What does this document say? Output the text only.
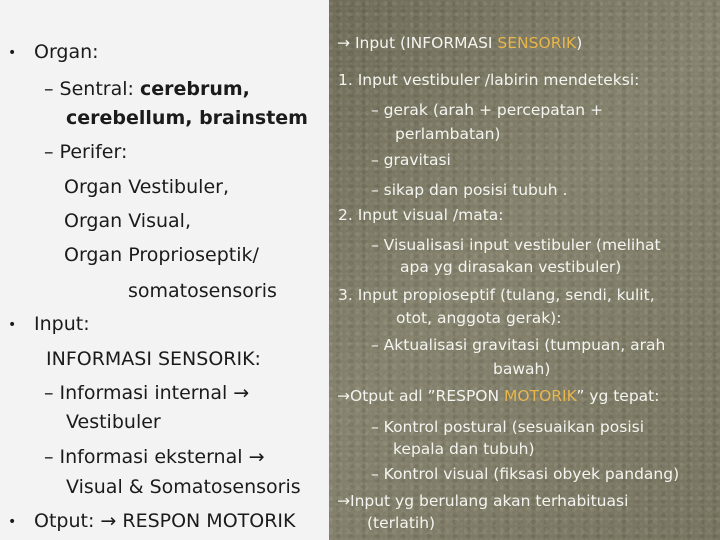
• Organ:
– Sentral: cerebrum,
cerebellum, brainstem
– Perifer:
Organ Vestibuler,
Organ Visual,
Organ Proprioseptik/
somatosensoris
• Input:
INFORMASI SENSORIK:
– Informasi internal →
Vestibuler
– Informasi eksternal →
Visual & Somatosensoris
• Otput: → RESPON MOTORIK
→ Input (INFORMASI SENSORIK)
1. Input vestibuler /labirin mendeteksi:
– gerak (arah + percepatan +
perlambatan)
– gravitasi
– sikap dan posisi tubuh .
2. Input visual /mata:
– Visualisasi input vestibuler (melihat
apa yg dirasakan vestibuler)
3. Input propioseptif (tulang, sendi, kulit,
otot, anggota gerak):
– Aktualisasi gravitasi (tumpuan, arah
bawah)
→Otput adl ”RESPON MOTORIK” yg tepat:
– Kontrol postural (sesuaikan posisi
kepala dan tubuh)
– Kontrol visual (fiksasi obyek pandang)
→Input yg berulang akan terhabituasi
(terlatih)
